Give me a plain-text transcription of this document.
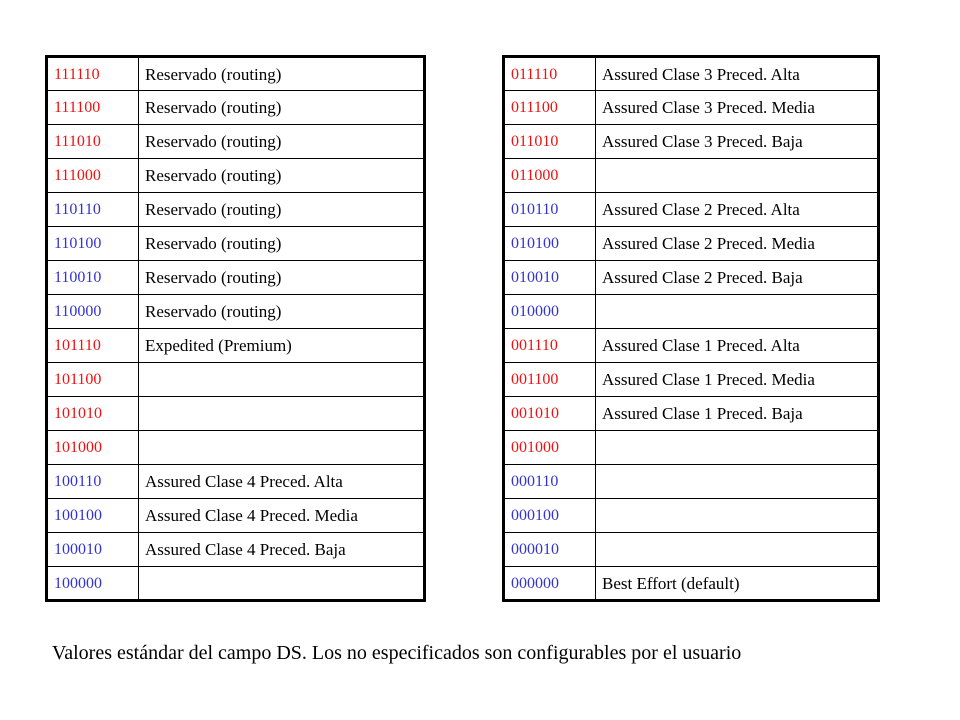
111110	Reservado (routing)
111100	Reservado (routing)
111010	Reservado (routing)
111000	Reservado (routing)
110110	Reservado (routing)
110100	Reservado (routing)
110010	Reservado (routing)
110000	Reservado (routing)
101110	Expedited (Premium)
101100	
101010	
101000	
100110	Assured Clase 4 Preced. Alta
100100	Assured Clase 4 Preced. Media
100010	Assured Clase 4 Preced. Baja
100000	
011110	Assured Clase 3 Preced. Alta
011100	Assured Clase 3 Preced. Media
011010	Assured Clase 3 Preced. Baja
011000	
010110	Assured Clase 2 Preced. Alta
010100	Assured Clase 2 Preced. Media
010010	Assured Clase 2 Preced. Baja
010000	
001110	Assured Clase 1 Preced. Alta
001100	Assured Clase 1 Preced. Media
001010	Assured Clase 1 Preced. Baja
001000	
000110	
000100	
000010	
000000	Best Effort (default)
Valores estándar del campo DS. Los no especificados son configurables por el usuario
